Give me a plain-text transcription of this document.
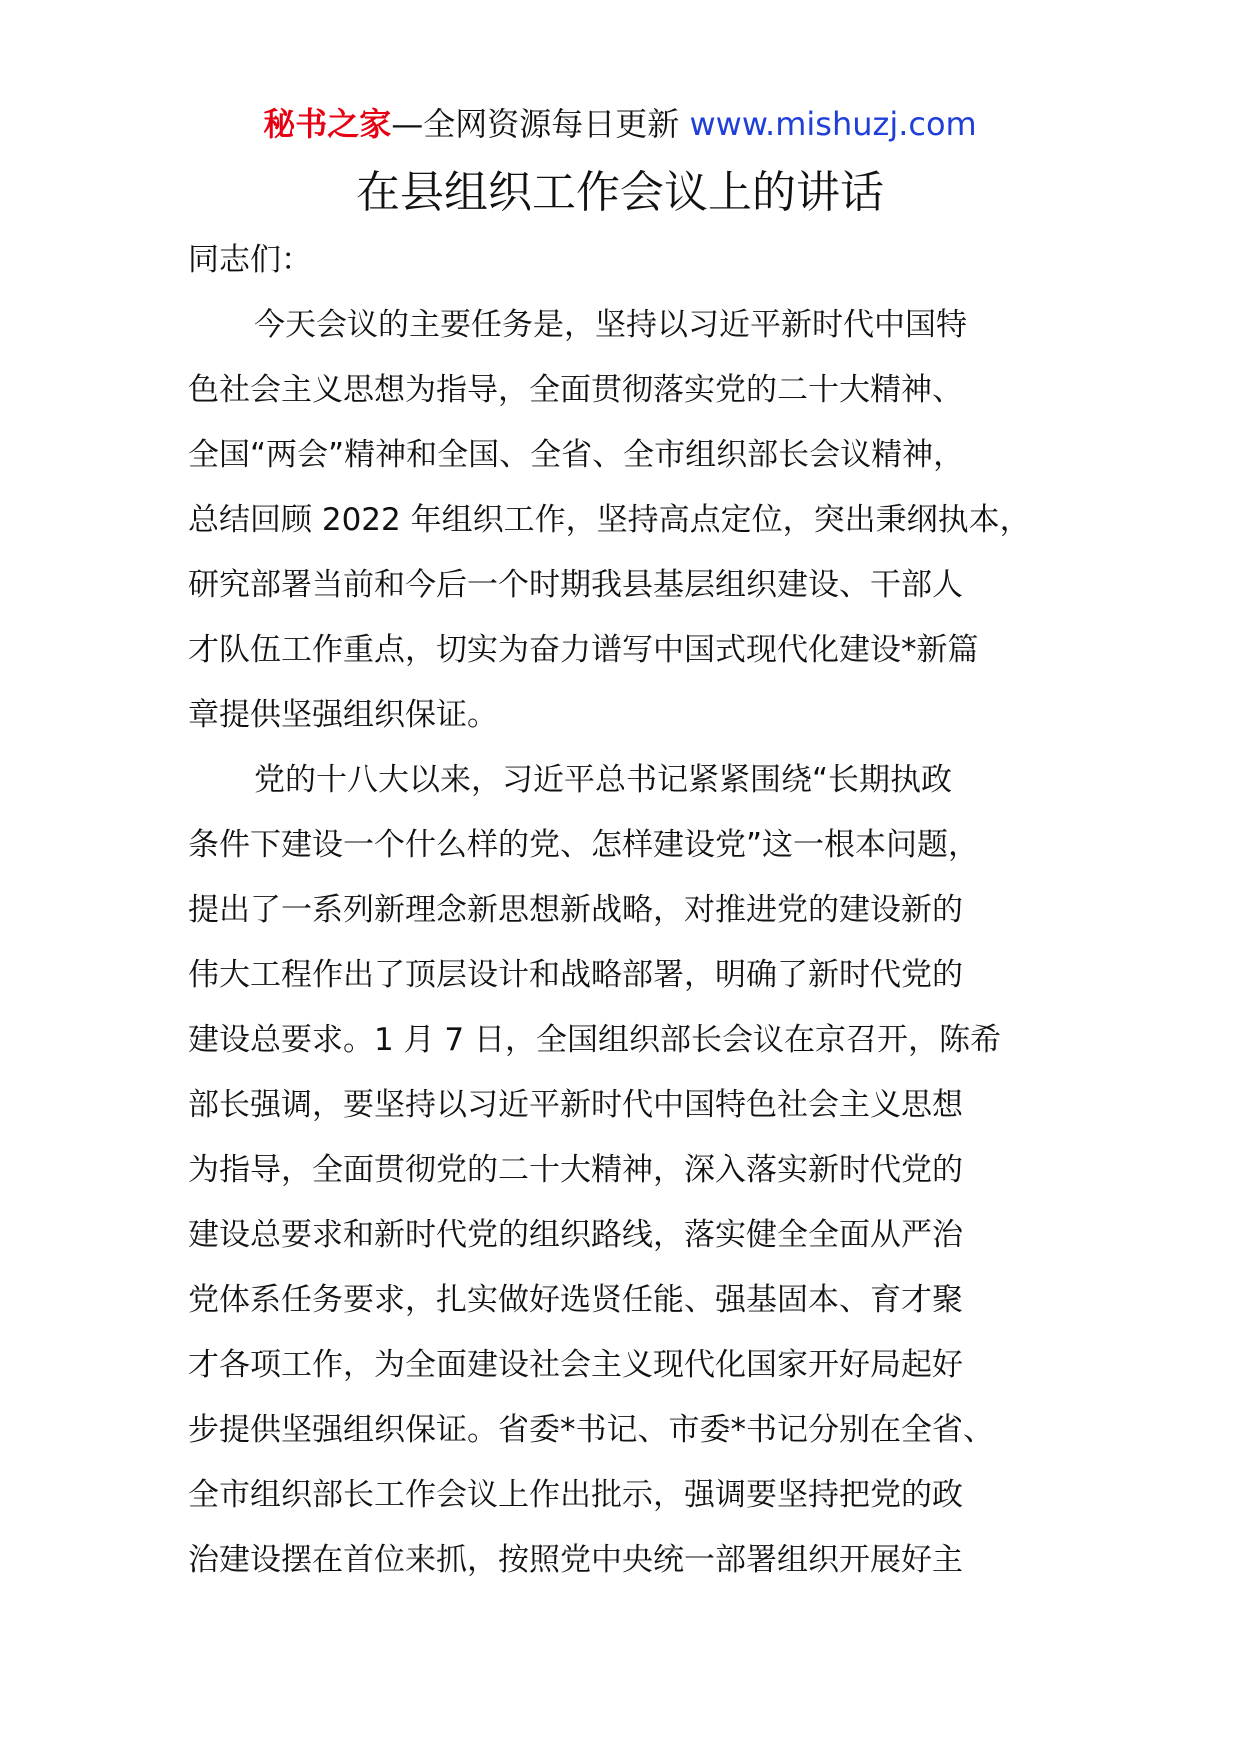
秘书之家—全网资源每日更新 www.mishuzj.com
在县组织工作会议上的讲话
同志们：
今天会议的主要任务是，坚持以习近平新时代中国特
色社会主义思想为指导，全面贯彻落实党的二十大精神、
全国“两会”精神和全国、全省、全市组织部长会议精神，
总结回顾 2022 年组织工作，坚持高点定位，突出秉纲执本，
研究部署当前和今后一个时期我县基层组织建设、干部人
才队伍工作重点，切实为奋力谱写中国式现代化建设*新篇
章提供坚强组织保证。
党的十八大以来，习近平总书记紧紧围绕“长期执政
条件下建设一个什么样的党、怎样建设党”这一根本问题，
提出了一系列新理念新思想新战略，对推进党的建设新的
伟大工程作出了顶层设计和战略部署，明确了新时代党的
建设总要求。1 月 7 日，全国组织部长会议在京召开，陈希
部长强调，要坚持以习近平新时代中国特色社会主义思想
为指导，全面贯彻党的二十大精神，深入落实新时代党的
建设总要求和新时代党的组织路线，落实健全全面从严治
党体系任务要求，扎实做好选贤任能、强基固本、育才聚
才各项工作，为全面建设社会主义现代化国家开好局起好
步提供坚强组织保证。省委*书记、市委*书记分别在全省、
全市组织部长工作会议上作出批示，强调要坚持把党的政
治建设摆在首位来抓，按照党中央统一部署组织开展好主
